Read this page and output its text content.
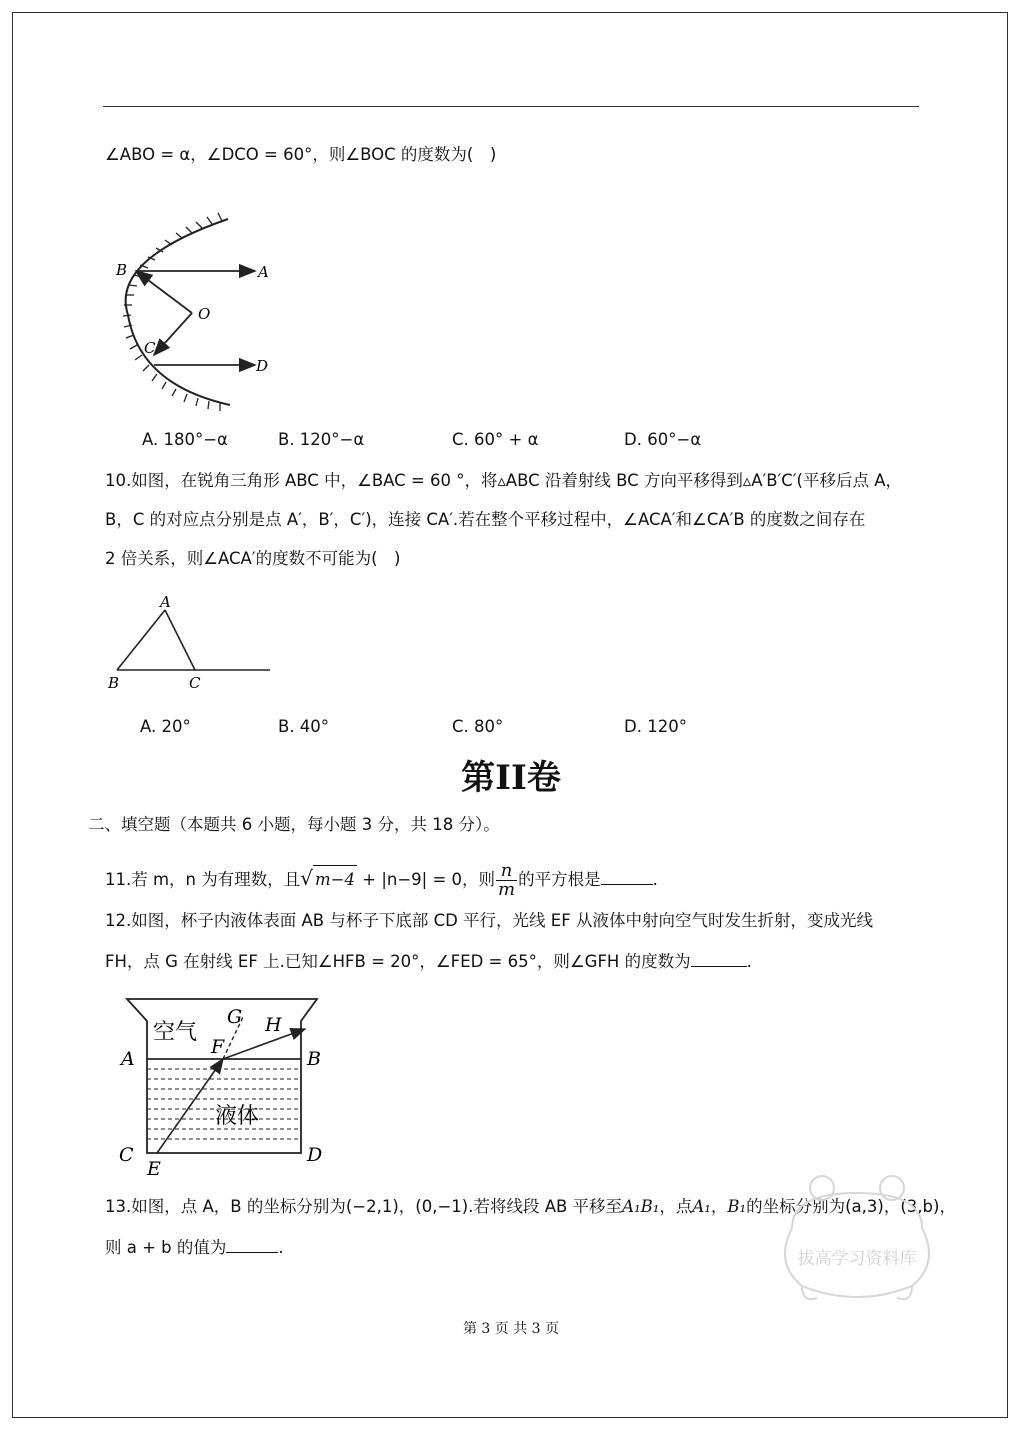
∠ABO = α，∠DCO = 60°，则∠BOC 的度数为(　)
B	A
O
C
D
A. 180°−α	B. 120°−α	C. 60° + α	D. 60°−α
10.如图，在锐角三角形 ABC 中，∠BAC = 60 °，将▵ABC 沿着射线 BC 方向平移得到▵A′B′C′(平移后点 A，
B，C 的对应点分别是点 A′，B′，C′)，连接 CA′.若在整个平移过程中，∠ACA′和∠CA′B 的度数之间存在
2 倍关系，则∠ACA′的度数不可能为(　)
A
B	C
A. 20°	B. 40°	C. 80°	D. 120°
第II卷
二、填空题（本题共 6 小题，每小题 3 分，共 18 分）。
11.若 m，n 为有理数，且√ m−4 + |n−9| = 0，则 $\frac{n}{m}$ 的平方根是	.
12.如图，杯子内液体表面 AB 与杯子下底部 CD 平行，光线 EF 从液体中射向空气时发生折射，变成光线
FH，点 G 在射线 EF 上.已知∠HFB = 20°，∠FED = 65°，则∠GFH 的度数为	.
空气
液体
A	B
C	D
E
F
G H
13.如图，点 A，B 的坐标分别为(−2,1)，(0,−1).若将线段 AB 平移至A₁B₁，点A₁，B₁的坐标分别为(a,3)，(3,b)，
则 a + b 的值为	.
拔高学习资料库
第 3 页 共 3 页
